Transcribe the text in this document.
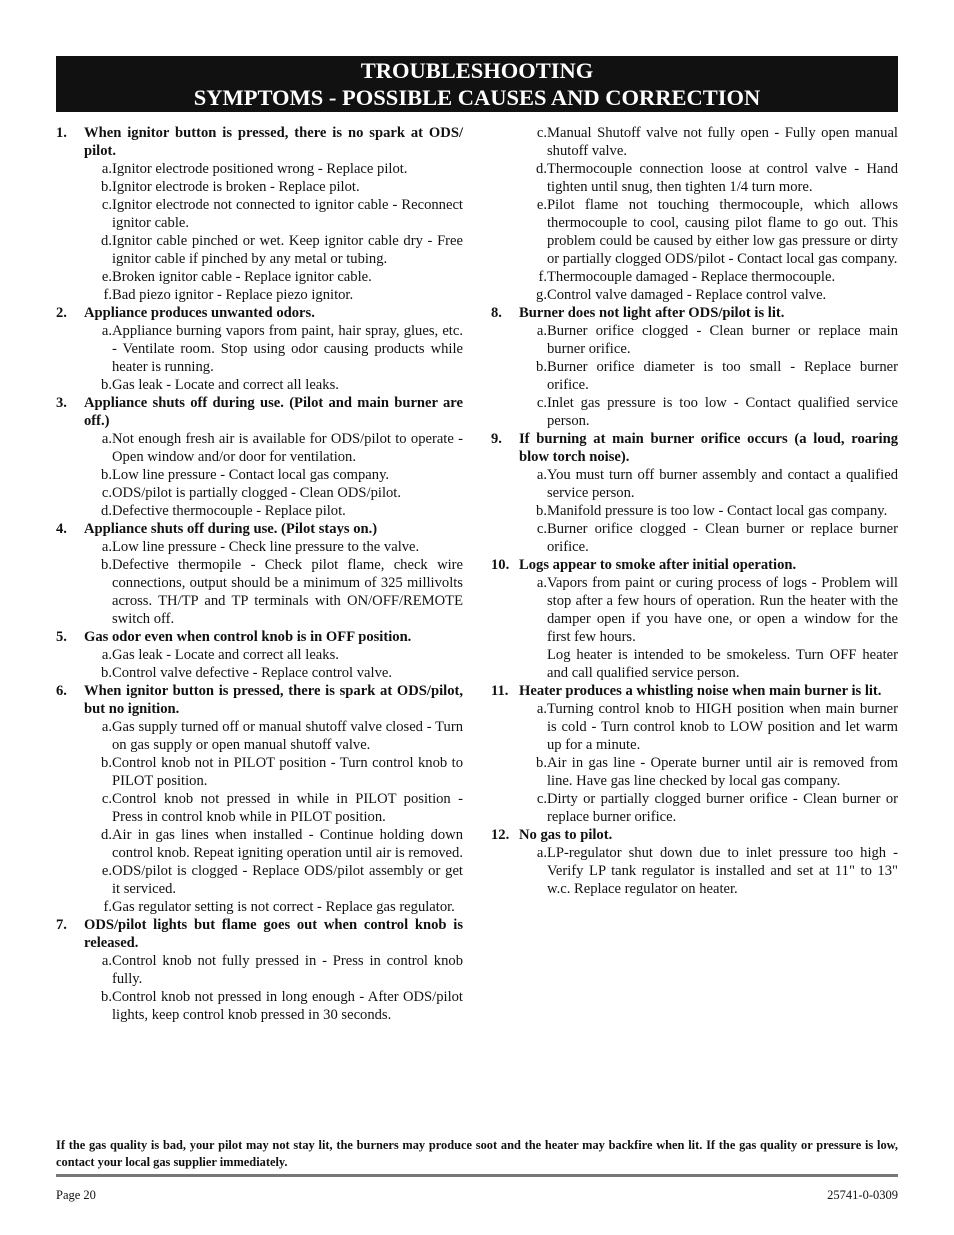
TROUBLESHOOTING
SYMPTOMS - POSSIBLE CAUSES AND CORRECTION
1.	When ignitor button is pressed, there is no spark at ODS/ pilot.
a. Ignitor electrode positioned wrong - Replace pilot.
b. Ignitor electrode is broken - Replace pilot.
c. Ignitor electrode not connected to ignitor cable - Reconnect ignitor cable.
d. Ignitor cable pinched or wet. Keep ignitor cable dry - Free ignitor cable if pinched by any metal or tubing.
e. Broken ignitor cable - Replace ignitor cable.
f. Bad piezo ignitor - Replace piezo ignitor.
2.	Appliance produces unwanted odors.
a. Appliance burning vapors from paint, hair spray, glues, etc. - Ventilate room. Stop using odor causing products while heater is running.
b. Gas leak - Locate and correct all leaks.
3.	Appliance shuts off during use. (Pilot and main burner are off.)
a. Not enough fresh air is available for ODS/pilot to operate - Open window and/or door for ventilation.
b. Low line pressure - Contact local gas company.
c. ODS/pilot is partially clogged - Clean ODS/pilot.
d. Defective thermocouple - Replace pilot.
4.	Appliance shuts off during use. (Pilot stays on.)
a. Low line pressure - Check line pressure to the valve.
b. Defective thermopile - Check pilot flame, check wire connections, output should be a minimum of 325 millivolts across. TH/TP and TP terminals with ON/OFF/REMOTE switch off.
5.	Gas odor even when control knob is in OFF position.
a. Gas leak - Locate and correct all leaks.
b. Control valve defective - Replace control valve.
6.	When ignitor button is pressed, there is spark at ODS/pilot, but no ignition.
a. Gas supply turned off or manual shutoff valve closed - Turn on gas supply or open manual shutoff valve.
b. Control knob not in PILOT position - Turn control knob to PILOT position.
c. Control knob not pressed in while in PILOT position - Press in control knob while in PILOT position.
d. Air in gas lines when installed - Continue holding down control knob. Repeat igniting operation until air is removed.
e. ODS/pilot is clogged - Replace ODS/pilot assembly or get it serviced.
f. Gas regulator setting is not correct - Replace gas regulator.
7.	ODS/pilot lights but flame goes out when control knob is released.
a. Control knob not fully pressed in - Press in control knob fully.
b. Control knob not pressed in long enough - After ODS/pilot lights, keep control knob pressed in 30 seconds.
c. Manual Shutoff valve not fully open - Fully open manual shutoff valve.
d. Thermocouple connection loose at control valve - Hand tighten until snug, then tighten 1/4 turn more.
e. Pilot flame not touching thermocouple, which allows thermocouple to cool, causing pilot flame to go out. This problem could be caused by either low gas pressure or dirty or partially clogged ODS/pilot - Contact local gas company.
f. Thermocouple damaged - Replace thermocouple.
g. Control valve damaged - Replace control valve.
8.	Burner does not light after ODS/pilot is lit.
a. Burner orifice clogged - Clean burner or replace main burner orifice.
b. Burner orifice diameter is too small - Replace burner orifice.
c. Inlet gas pressure is too low - Contact qualified service person.
9.	If burning at main burner orifice occurs (a loud, roaring blow torch noise).
a. You must turn off burner assembly and contact a qualified service person.
b. Manifold pressure is too low - Contact local gas company.
c. Burner orifice clogged - Clean burner or replace burner orifice.
10. Logs appear to smoke after initial operation.
a. Vapors from paint or curing process of logs - Problem will stop after a few hours of operation. Run the heater with the damper open if you have one, or open a window for the first few hours.
Log heater is intended to be smokeless. Turn OFF heater and call qualified service person.
11. Heater produces a whistling noise when main burner is lit.
a. Turning control knob to HIGH position when main burner is cold - Turn control knob to LOW position and let warm up for a minute.
b. Air in gas line - Operate burner until air is removed from line. Have gas line checked by local gas company.
c. Dirty or partially clogged burner orifice - Clean burner or replace burner orifice.
12. No gas to pilot.
a. LP-regulator shut down due to inlet pressure too high - Verify LP tank regulator is installed and set at 11" to 13" w.c. Replace regulator on heater.
If the gas quality is bad, your pilot may not stay lit, the burners may produce soot and the heater may backfire when lit. If the gas quality or pressure is low, contact your local gas supplier immediately.
Page 20	25741-0-0309
